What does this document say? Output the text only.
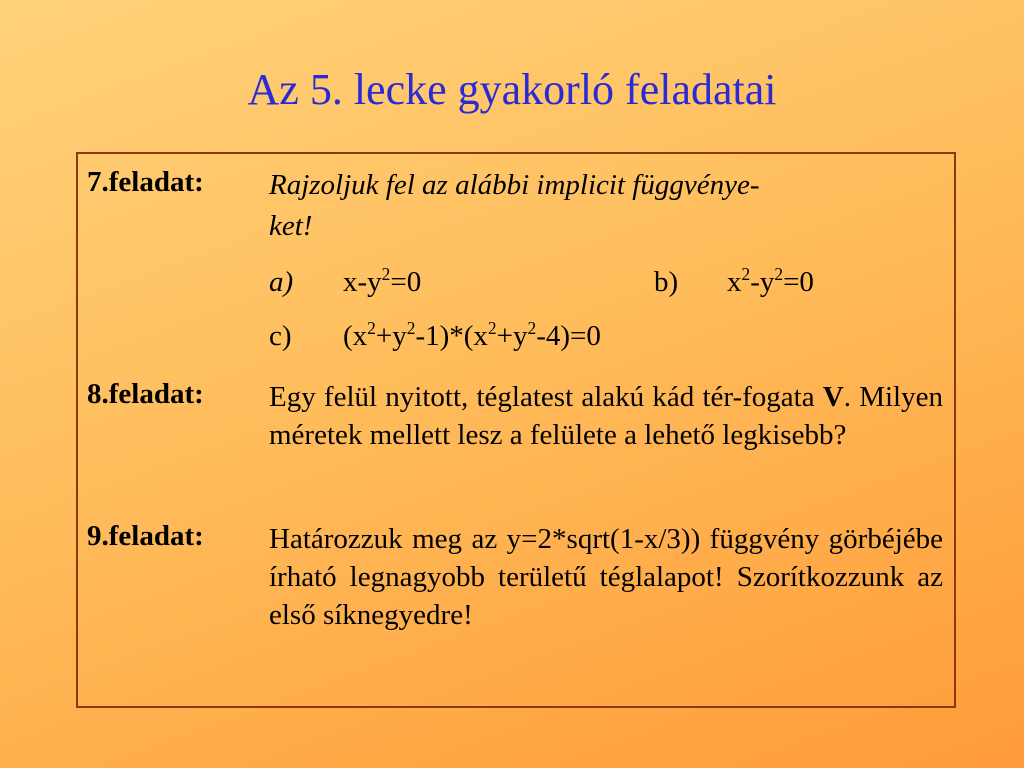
Az 5. lecke gyakorló feladatai
7.feladat: Rajzoljuk fel az alábbi implicit függvénye-
ket!
a) $x-y^2=0$	b) $x^2-y^2=0$
c) $(x^2+y^2-1)*(x^2+y^2-4)=0$
8.feladat: Egy felül nyitott, téglatest alakú kád tér-fogata V. Milyen méretek mellett lesz a felülete a lehető legkisebb?
9.feladat: Határozzuk meg az y=2*sqrt(1-x/3)) függvény görbéjébe írható legnagyobb területű téglalapot! Szorítkozzunk az első síknegyedre!
